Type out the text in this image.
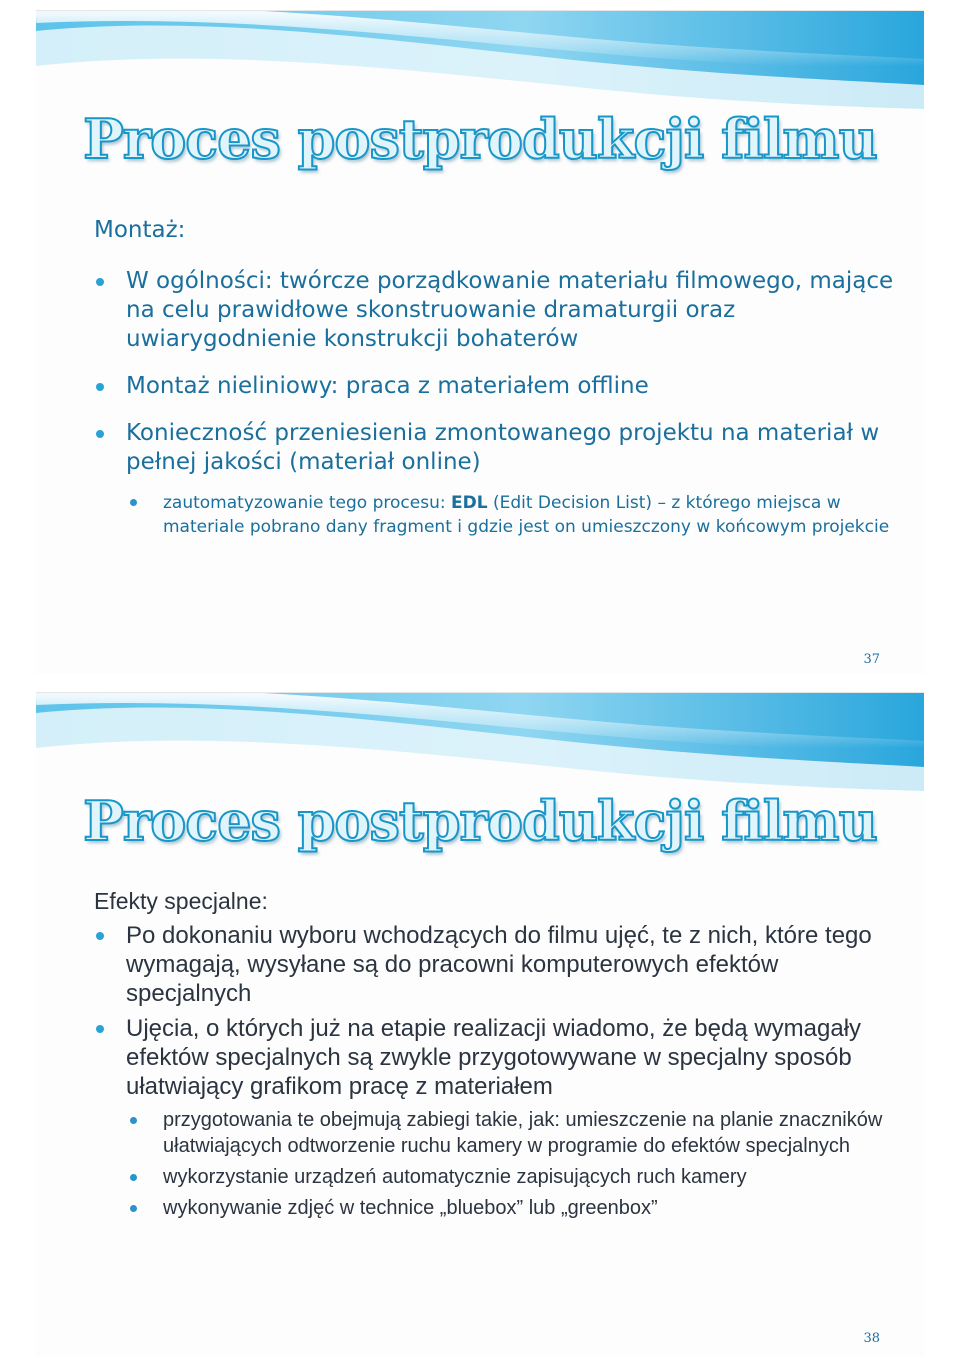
Proces postprodukcji filmu

Montaż:

W ogólności: twórcze porządkowanie materiału filmowego, mające na celu prawidłowe skonstruowanie dramaturgii oraz uwiarygodnienie konstrukcji bohaterów
Montaż nieliniowy: praca z materiałem offline
Konieczność przeniesienia zmontowanego projektu na materiał w pełnej jakości (materiał online)
zautomatyzowanie tego procesu: EDL (Edit Decision List) – z którego miejsca w materiale pobrano dany fragment i gdzie jest on umieszczony w końcowym projekcie
37
Proces postprodukcji filmu

Efekty specjalne:

Po dokonaniu wyboru wchodzących do filmu ujęć, te z nich, które tego wymagają, wysyłane są do pracowni komputerowych efektów specjalnych
Ujęcia, o których już na etapie realizacji wiadomo, że będą wymagały efektów specjalnych są zwykle przygotowywane w specjalny sposób ułatwiający grafikom pracę z materiałem
przygotowania te obejmują zabiegi takie, jak: umieszczenie na planie znaczników ułatwiających odtworzenie ruchu kamery w programie do efektów specjalnych
wykorzystanie urządzeń automatycznie zapisujących ruch kamery
wykonywanie zdjęć w technice „bluebox” lub „greenbox”
38
